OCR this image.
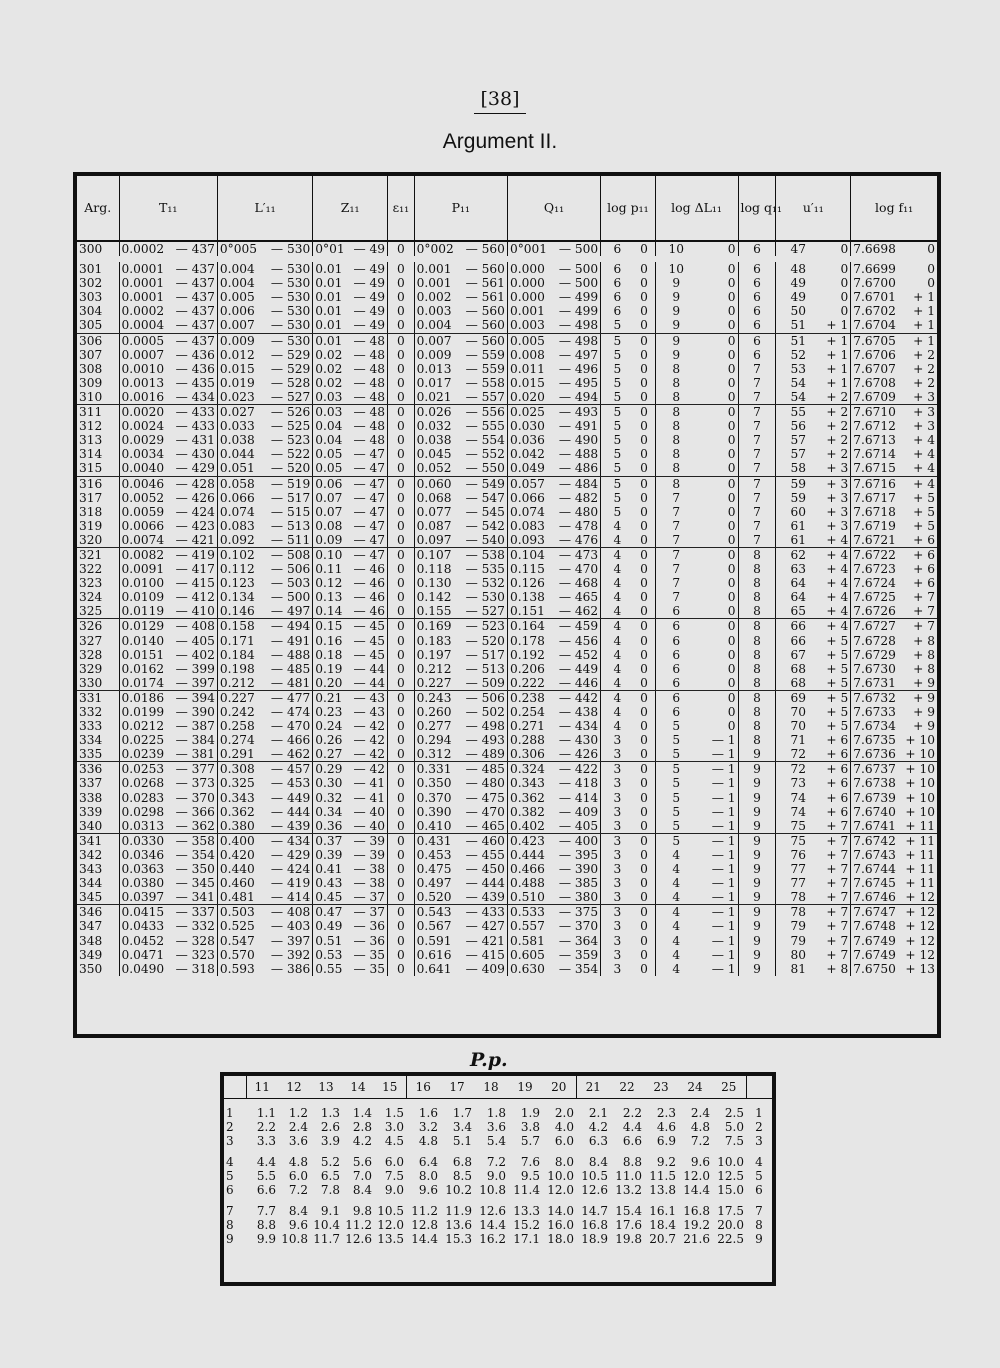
[38]
Argument II.
Arg.	T₁₁		L′₁₁		Z₁₁		ε₁₁	P₁₁		Q₁₁		log p₁₁		log ΔL₁₁		log q₁₁	u′₁₁		log f₁₁	
300	0.0002	— 437	0°005	— 530	0°01	— 49	0	0°002	— 560	0°001	— 500	6	0	10	0	6	47	0	7.6698	0

301	0.0001	— 437	0.004	— 530	0.01	— 49	0	0.001	— 560	0.000	— 500	6	0	10	0	6	48	0	7.6699	0
302	0.0001	— 437	0.004	— 530	0.01	— 49	0	0.001	— 561	0.000	— 500	6	0	9	0	6	49	0	7.6700	0
303	0.0001	— 437	0.005	— 530	0.01	— 49	0	0.002	— 561	0.000	— 499	6	0	9	0	6	49	0	7.6701	+ 1
304	0.0002	— 437	0.006	— 530	0.01	— 49	0	0.003	— 560	0.001	— 499	6	0	9	0	6	50	0	7.6702	+ 1
305	0.0004	— 437	0.007	— 530	0.01	— 49	0	0.004	— 560	0.003	— 498	5	0	9	0	6	51	+ 1	7.6704	+ 1
306	0.0005	— 437	0.009	— 530	0.01	— 48	0	0.007	— 560	0.005	— 498	5	0	9	0	6	51	+ 1	7.6705	+ 1
307	0.0007	— 436	0.012	— 529	0.02	— 48	0	0.009	— 559	0.008	— 497	5	0	9	0	6	52	+ 1	7.6706	+ 2
308	0.0010	— 436	0.015	— 529	0.02	— 48	0	0.013	— 559	0.011	— 496	5	0	8	0	7	53	+ 1	7.6707	+ 2
309	0.0013	— 435	0.019	— 528	0.02	— 48	0	0.017	— 558	0.015	— 495	5	0	8	0	7	54	+ 1	7.6708	+ 2
310	0.0016	— 434	0.023	— 527	0.03	— 48	0	0.021	— 557	0.020	— 494	5	0	8	0	7	54	+ 2	7.6709	+ 3
311	0.0020	— 433	0.027	— 526	0.03	— 48	0	0.026	— 556	0.025	— 493	5	0	8	0	7	55	+ 2	7.6710	+ 3
312	0.0024	— 433	0.033	— 525	0.04	— 48	0	0.032	— 555	0.030	— 491	5	0	8	0	7	56	+ 2	7.6712	+ 3
313	0.0029	— 431	0.038	— 523	0.04	— 48	0	0.038	— 554	0.036	— 490	5	0	8	0	7	57	+ 2	7.6713	+ 4
314	0.0034	— 430	0.044	— 522	0.05	— 47	0	0.045	— 552	0.042	— 488	5	0	8	0	7	57	+ 2	7.6714	+ 4
315	0.0040	— 429	0.051	— 520	0.05	— 47	0	0.052	— 550	0.049	— 486	5	0	8	0	7	58	+ 3	7.6715	+ 4
316	0.0046	— 428	0.058	— 519	0.06	— 47	0	0.060	— 549	0.057	— 484	5	0	8	0	7	59	+ 3	7.6716	+ 4
317	0.0052	— 426	0.066	— 517	0.07	— 47	0	0.068	— 547	0.066	— 482	5	0	7	0	7	59	+ 3	7.6717	+ 5
318	0.0059	— 424	0.074	— 515	0.07	— 47	0	0.077	— 545	0.074	— 480	5	0	7	0	7	60	+ 3	7.6718	+ 5
319	0.0066	— 423	0.083	— 513	0.08	— 47	0	0.087	— 542	0.083	— 478	4	0	7	0	7	61	+ 3	7.6719	+ 5
320	0.0074	— 421	0.092	— 511	0.09	— 47	0	0.097	— 540	0.093	— 476	4	0	7	0	7	61	+ 4	7.6721	+ 6
321	0.0082	— 419	0.102	— 508	0.10	— 47	0	0.107	— 538	0.104	— 473	4	0	7	0	8	62	+ 4	7.6722	+ 6
322	0.0091	— 417	0.112	— 506	0.11	— 46	0	0.118	— 535	0.115	— 470	4	0	7	0	8	63	+ 4	7.6723	+ 6
323	0.0100	— 415	0.123	— 503	0.12	— 46	0	0.130	— 532	0.126	— 468	4	0	7	0	8	64	+ 4	7.6724	+ 6
324	0.0109	— 412	0.134	— 500	0.13	— 46	0	0.142	— 530	0.138	— 465	4	0	7	0	8	64	+ 4	7.6725	+ 7
325	0.0119	— 410	0.146	— 497	0.14	— 46	0	0.155	— 527	0.151	— 462	4	0	6	0	8	65	+ 4	7.6726	+ 7
326	0.0129	— 408	0.158	— 494	0.15	— 45	0	0.169	— 523	0.164	— 459	4	0	6	0	8	66	+ 4	7.6727	+ 7
327	0.0140	— 405	0.171	— 491	0.16	— 45	0	0.183	— 520	0.178	— 456	4	0	6	0	8	66	+ 5	7.6728	+ 8
328	0.0151	— 402	0.184	— 488	0.18	— 45	0	0.197	— 517	0.192	— 452	4	0	6	0	8	67	+ 5	7.6729	+ 8
329	0.0162	— 399	0.198	— 485	0.19	— 44	0	0.212	— 513	0.206	— 449	4	0	6	0	8	68	+ 5	7.6730	+ 8
330	0.0174	— 397	0.212	— 481	0.20	— 44	0	0.227	— 509	0.222	— 446	4	0	6	0	8	68	+ 5	7.6731	+ 9
331	0.0186	— 394	0.227	— 477	0.21	— 43	0	0.243	— 506	0.238	— 442	4	0	6	0	8	69	+ 5	7.6732	+ 9
332	0.0199	— 390	0.242	— 474	0.23	— 43	0	0.260	— 502	0.254	— 438	4	0	6	0	8	70	+ 5	7.6733	+ 9
333	0.0212	— 387	0.258	— 470	0.24	— 42	0	0.277	— 498	0.271	— 434	4	0	5	0	8	70	+ 5	7.6734	+ 9
334	0.0225	— 384	0.274	— 466	0.26	— 42	0	0.294	— 493	0.288	— 430	3	0	5	— 1	8	71	+ 6	7.6735	+ 10
335	0.0239	— 381	0.291	— 462	0.27	— 42	0	0.312	— 489	0.306	— 426	3	0	5	— 1	9	72	+ 6	7.6736	+ 10
336	0.0253	— 377	0.308	— 457	0.29	— 42	0	0.331	— 485	0.324	— 422	3	0	5	— 1	9	72	+ 6	7.6737	+ 10
337	0.0268	— 373	0.325	— 453	0.30	— 41	0	0.350	— 480	0.343	— 418	3	0	5	— 1	9	73	+ 6	7.6738	+ 10
338	0.0283	— 370	0.343	— 449	0.32	— 41	0	0.370	— 475	0.362	— 414	3	0	5	— 1	9	74	+ 6	7.6739	+ 10
339	0.0298	— 366	0.362	— 444	0.34	— 40	0	0.390	— 470	0.382	— 409	3	0	5	— 1	9	74	+ 6	7.6740	+ 10
340	0.0313	— 362	0.380	— 439	0.36	— 40	0	0.410	— 465	0.402	— 405	3	0	5	— 1	9	75	+ 7	7.6741	+ 11
341	0.0330	— 358	0.400	— 434	0.37	— 39	0	0.431	— 460	0.423	— 400	3	0	5	— 1	9	75	+ 7	7.6742	+ 11
342	0.0346	— 354	0.420	— 429	0.39	— 39	0	0.453	— 455	0.444	— 395	3	0	4	— 1	9	76	+ 7	7.6743	+ 11
343	0.0363	— 350	0.440	— 424	0.41	— 38	0	0.475	— 450	0.466	— 390	3	0	4	— 1	9	77	+ 7	7.6744	+ 11
344	0.0380	— 345	0.460	— 419	0.43	— 38	0	0.497	— 444	0.488	— 385	3	0	4	— 1	9	77	+ 7	7.6745	+ 11
345	0.0397	— 341	0.481	— 414	0.45	— 37	0	0.520	— 439	0.510	— 380	3	0	4	— 1	9	78	+ 7	7.6746	+ 12
346	0.0415	— 337	0.503	— 408	0.47	— 37	0	0.543	— 433	0.533	— 375	3	0	4	— 1	9	78	+ 7	7.6747	+ 12
347	0.0433	— 332	0.525	— 403	0.49	— 36	0	0.567	— 427	0.557	— 370	3	0	4	— 1	9	79	+ 7	7.6748	+ 12
348	0.0452	— 328	0.547	— 397	0.51	— 36	0	0.591	— 421	0.581	— 364	3	0	4	— 1	9	79	+ 7	7.6749	+ 12
349	0.0471	— 323	0.570	— 392	0.53	— 35	0	0.616	— 415	0.605	— 359	3	0	4	— 1	9	80	+ 7	7.6749	+ 12
350	0.0490	— 318	0.593	— 386	0.55	— 35	0	0.641	— 409	0.630	— 354	3	0	4	— 1	9	81	+ 8	7.6750	+ 13
P.p.
	11	12	13	14	15	16	17	18	19	20	21	22	23	24	25	
1	1.1	1.2	1.3	1.4	1.5	1.6	1.7	1.8	1.9	2.0	2.1	2.2	2.3	2.4	2.5	1
2	2.2	2.4	2.6	2.8	3.0	3.2	3.4	3.6	3.8	4.0	4.2	4.4	4.6	4.8	5.0	2
3	3.3	3.6	3.9	4.2	4.5	4.8	5.1	5.4	5.7	6.0	6.3	6.6	6.9	7.2	7.5	3
4	4.4	4.8	5.2	5.6	6.0	6.4	6.8	7.2	7.6	8.0	8.4	8.8	9.2	9.6	10.0	4
5	5.5	6.0	6.5	7.0	7.5	8.0	8.5	9.0	9.5	10.0	10.5	11.0	11.5	12.0	12.5	5
6	6.6	7.2	7.8	8.4	9.0	9.6	10.2	10.8	11.4	12.0	12.6	13.2	13.8	14.4	15.0	6
7	7.7	8.4	9.1	9.8	10.5	11.2	11.9	12.6	13.3	14.0	14.7	15.4	16.1	16.8	17.5	7
8	8.8	9.6	10.4	11.2	12.0	12.8	13.6	14.4	15.2	16.0	16.8	17.6	18.4	19.2	20.0	8
9	9.9	10.8	11.7	12.6	13.5	14.4	15.3	16.2	17.1	18.0	18.9	19.8	20.7	21.6	22.5	9
